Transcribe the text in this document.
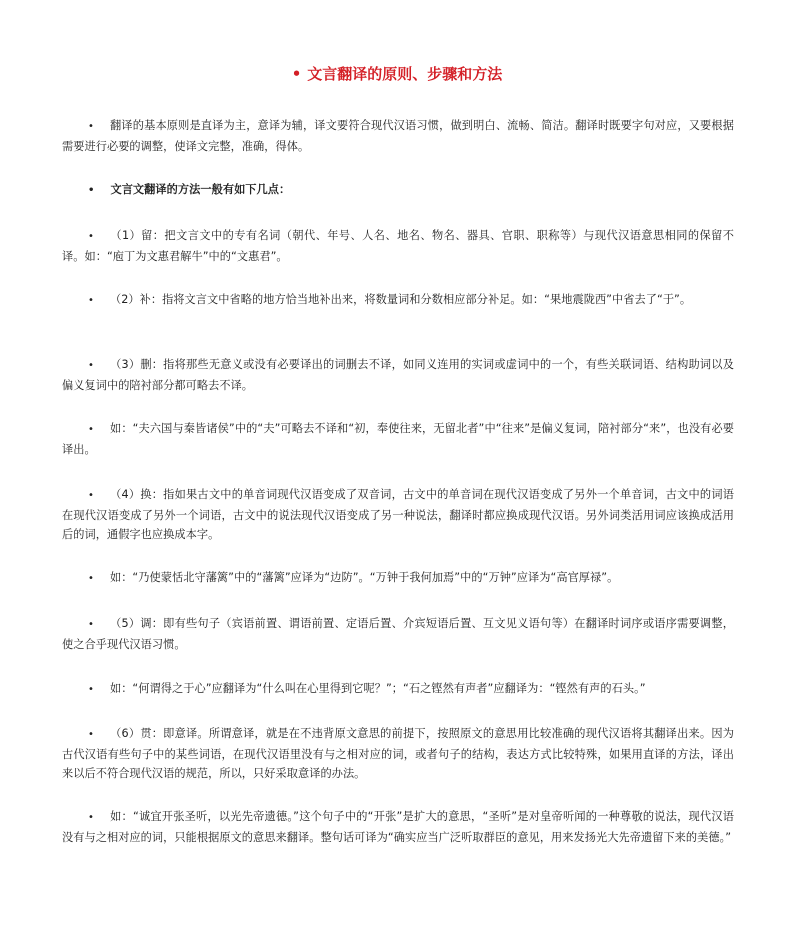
• 文言翻译的原则、步骤和方法

• 翻译的基本原则是直译为主，意译为辅，译文要符合现代汉语习惯，做到明白、流畅、简洁。翻译时既要字句对应，又要根据需要进行必要的调整，使译文完整，准确，得体。

• 文言文翻译的方法一般有如下几点：

• （1）留：把文言文中的专有名词（朝代、年号、人名、地名、物名、器具、官职、职称等）与现代汉语意思相同的保留不译。如：“庖丁为文惠君解牛”中的“文惠君”。

• （2）补：指将文言文中省略的地方恰当地补出来，将数量词和分数相应部分补足。如：“果地震陇西”中省去了“于”。

• （3）删：指将那些无意义或没有必要译出的词删去不译，如同义连用的实词或虚词中的一个，有些关联词语、结构助词以及偏义复词中的陪衬部分都可略去不译。

• 如：“夫六国与秦皆诸侯”中的“夫”可略去不译和“初，奉使往来，无留北者”中“往来”是偏义复词，陪衬部分“来”，也没有必要译出。

• （4）换：指如果古文中的单音词现代汉语变成了双音词，古文中的单音词在现代汉语变成了另外一个单音词，古文中的词语在现代汉语变成了另外一个词语，古文中的说法现代汉语变成了另一种说法，翻译时都应换成现代汉语。另外词类活用词应该换成活用后的词，通假字也应换成本字。

• 如：“乃使蒙恬北守藩篱”中的“藩篱”应译为“边防”。“万钟于我何加焉”中的“万钟”应译为“高官厚禄”。

• （5）调：即有些句子（宾语前置、谓语前置、定语后置、介宾短语后置、互文见义语句等）在翻译时词序或语序需要调整，使之合乎现代汉语习惯。

• 如：“何谓得之于心”应翻译为“什么叫在心里得到它呢？”；“石之铿然有声者”应翻译为：“铿然有声的石头。”

• （6）贯：即意译。所谓意译，就是在不违背原文意思的前提下，按照原文的意思用比较准确的现代汉语将其翻译出来。因为古代汉语有些句子中的某些词语，在现代汉语里没有与之相对应的词，或者句子的结构，表达方式比较特殊，如果用直译的方法，译出来以后不符合现代汉语的规范，所以，只好采取意译的办法。

• 如：“诚宜开张圣听，以光先帝遗德。”这个句子中的“开张”是扩大的意思，“圣听”是对皇帝听闻的一种尊敬的说法，现代汉语没有与之相对应的词，只能根据原文的意思来翻译。整句话可译为“确实应当广泛听取群臣的意见，用来发扬光大先帝遗留下来的美德。”
